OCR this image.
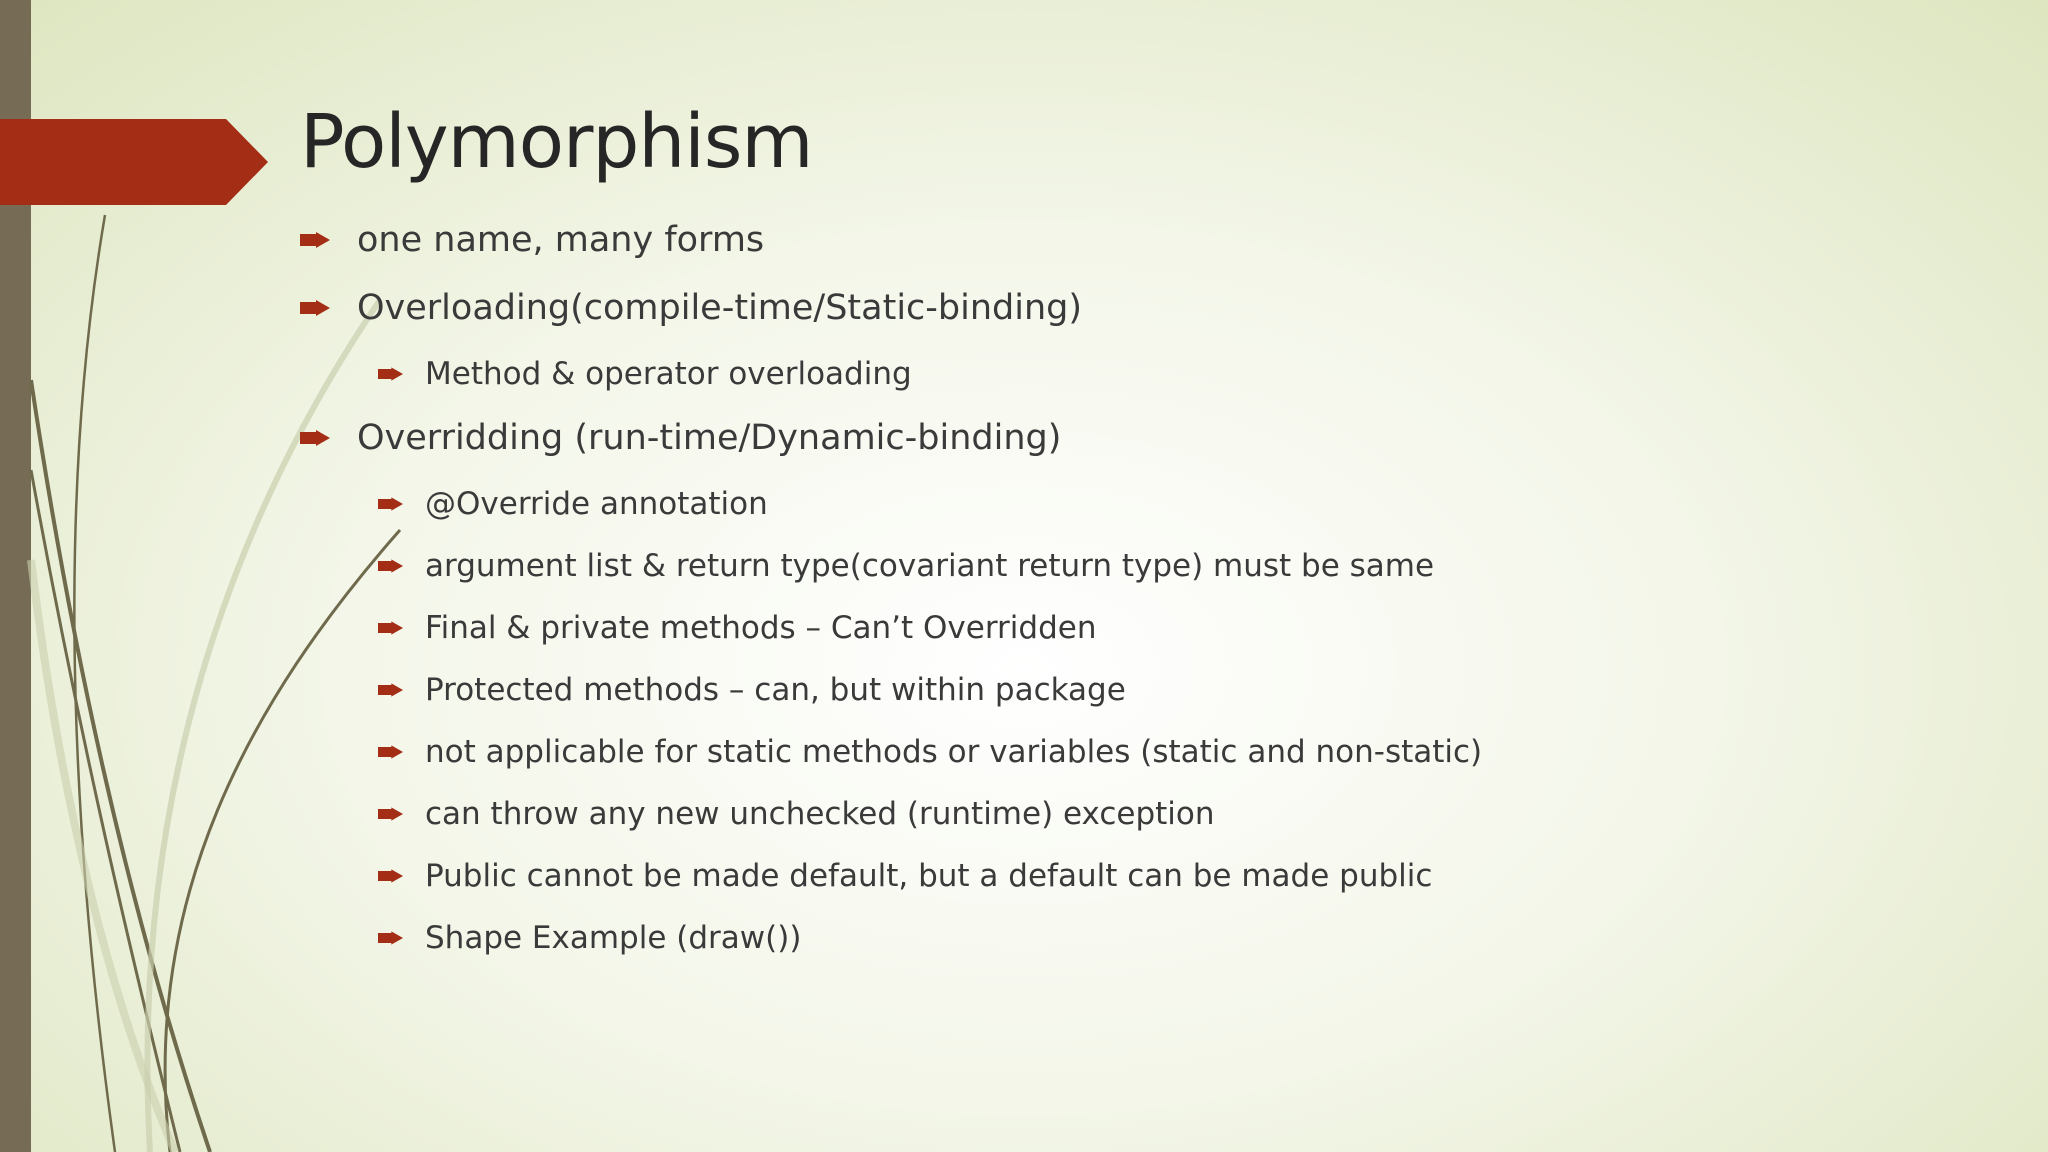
Polymorphism
one name, many forms
Overloading(compile-time/Static-binding)
Method & operator overloading
Overridding (run-time/Dynamic-binding)
@Override annotation
argument list & return type(covariant return type) must be same
Final & private methods – Can’t Overridden
Protected methods – can, but within package
not applicable for static methods or variables (static and non-static)
can throw any new unchecked (runtime) exception
Public cannot be made default, but a default can be made public
Shape Example (draw())
